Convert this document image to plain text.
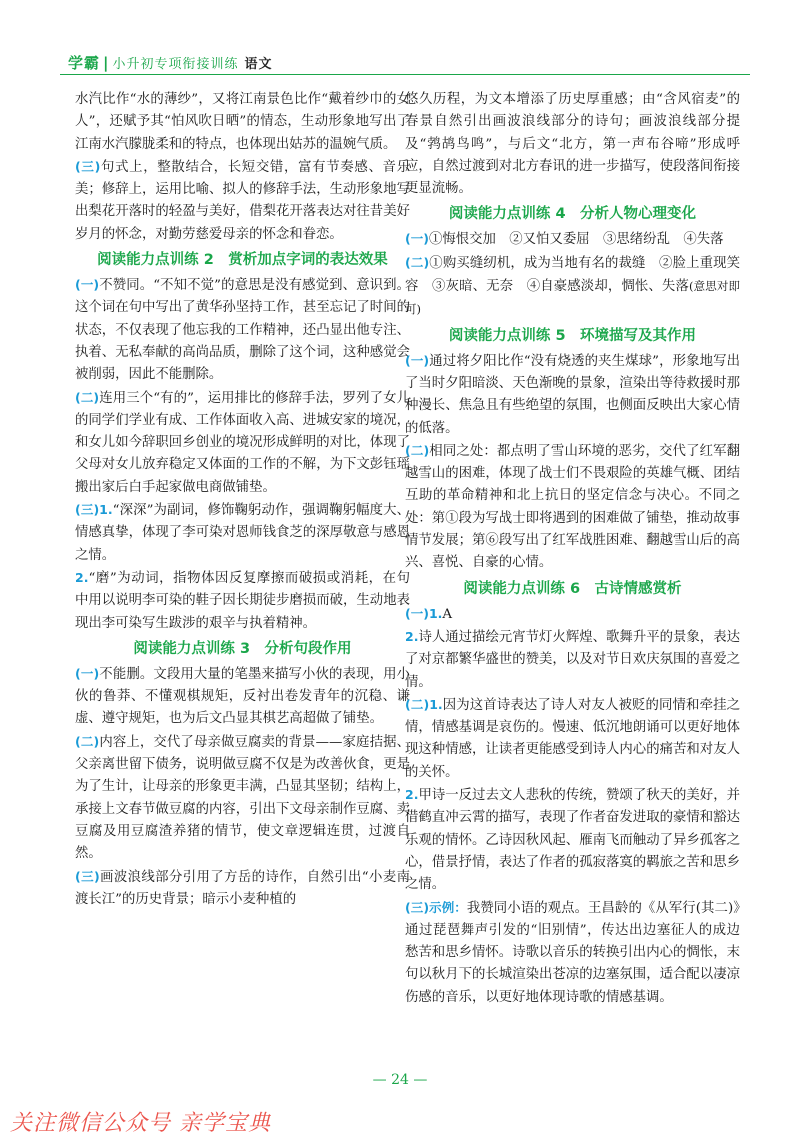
学霸 | 小升初专项衔接训练 语文

水汽比作“水的薄纱”，又将江南景色比作“戴着纱巾的女人”，还赋予其“怕风吹日晒”的情态，生动形象地写出了江南水汽朦胧柔和的特点，也体现出姑苏的温婉气质。

(三)句式上，整散结合，长短交错，富有节奏感、音乐美；修辞上，运用比喻、拟人的修辞手法，生动形象地写出梨花开落时的轻盈与美好，借梨花开落表达对往昔美好岁月的怀念，对勤劳慈爱母亲的怀念和眷恋。

阅读能力点训练 2　赏析加点字词的表达效果

(一)不赞同。“不知不觉”的意思是没有感觉到、意识到。这个词在句中写出了黄华孙坚持工作，甚至忘记了时间的状态，不仅表现了他忘我的工作精神，还凸显出他专注、执着、无私奉献的高尚品质，删除了这个词，这种感觉会被削弱，因此不能删除。

(二)连用三个“有的”，运用排比的修辞手法，罗列了女儿的同学们学业有成、工作体面收入高、进城安家的境况，和女儿如今辞职回乡创业的境况形成鲜明的对比，体现了父母对女儿放弃稳定又体面的工作的不解，为下文彭钰瑶搬出家后白手起家做电商做铺垫。

(三)1.“深深”为副词，修饰鞠躬动作，强调鞠躬幅度大、情感真挚，体现了李可染对恩师钱食芝的深厚敬意与感恩之情。

2.“磨”为动词，指物体因反复摩擦而破损或消耗，在句中用以说明李可染的鞋子因长期徒步磨损而破，生动地表现出李可染写生跋涉的艰辛与执着精神。

阅读能力点训练 3　分析句段作用

(一)不能删。文段用大量的笔墨来描写小伙的表现，用小伙的鲁莽、不懂观棋规矩，反衬出卷发青年的沉稳、谦虚、遵守规矩，也为后文凸显其棋艺高超做了铺垫。

(二)内容上，交代了母亲做豆腐卖的背景——家庭拮据、父亲离世留下债务，说明做豆腐不仅是为改善伙食，更是为了生计，让母亲的形象更丰满，凸显其坚韧；结构上，承接上文春节做豆腐的内容，引出下文母亲制作豆腐、卖豆腐及用豆腐渣养猪的情节，使文章逻辑连贯，过渡自然。

(三)画波浪线部分引用了方岳的诗作，自然引出“小麦南渡长江”的历史背景；暗示小麦种植的

悠久历程，为文本增添了历史厚重感；由“含风宿麦”的春景自然引出画波浪线部分的诗句；画波浪线部分提及“鹁鸪鸟鸣”，与后文“北方，第一声布谷啼”形成呼应，自然过渡到对北方春讯的进一步描写，使段落间衔接更显流畅。

阅读能力点训练 4　分析人物心理变化

(一)①悔恨交加　②又怕又委屈　③思绪纷乱　④失落

(二)①购买缝纫机，成为当地有名的裁缝　②脸上重现笑容　③灰暗、无奈　④自豪感淡却，惆怅、失落(意思对即可)

阅读能力点训练 5　环境描写及其作用

(一)通过将夕阳比作“没有烧透的夹生煤球”，形象地写出了当时夕阳暗淡、天色渐晚的景象，渲染出等待救援时那种漫长、焦急且有些绝望的氛围，也侧面反映出大家心情的低落。

(二)相同之处：都点明了雪山环境的恶劣，交代了红军翻越雪山的困难，体现了战士们不畏艰险的英雄气概、团结互助的革命精神和北上抗日的坚定信念与决心。不同之处：第①段为写战士即将遇到的困难做了铺垫，推动故事情节发展；第⑥段写出了红军战胜困难、翻越雪山后的高兴、喜悦、自豪的心情。

阅读能力点训练 6　古诗情感赏析

(一)1.A

2.诗人通过描绘元宵节灯火辉煌、歌舞升平的景象，表达了对京都繁华盛世的赞美，以及对节日欢庆氛围的喜爱之情。

(二)1.因为这首诗表达了诗人对友人被贬的同情和牵挂之情，情感基调是哀伤的。慢速、低沉地朗诵可以更好地体现这种情感，让读者更能感受到诗人内心的痛苦和对友人的关怀。

2.甲诗一反过去文人悲秋的传统，赞颂了秋天的美好，并借鹤直冲云霄的描写，表现了作者奋发进取的豪情和豁达乐观的情怀。乙诗因秋风起、雁南飞而触动了异乡孤客之心，借景抒情，表达了作者的孤寂落寞的羁旅之苦和思乡之情。

(三)示例：我赞同小语的观点。王昌龄的《从军行(其二)》通过琵琶舞声引发的“旧别情”，传达出边塞征人的成边愁苦和思乡情怀。诗歌以音乐的转换引出内心的惆怅，末句以秋月下的长城渲染出苍凉的边塞氛围，适合配以凄凉伤感的音乐，以更好地体现诗歌的情感基调。

— 24 —
关注微信公众号 亲学宝典
